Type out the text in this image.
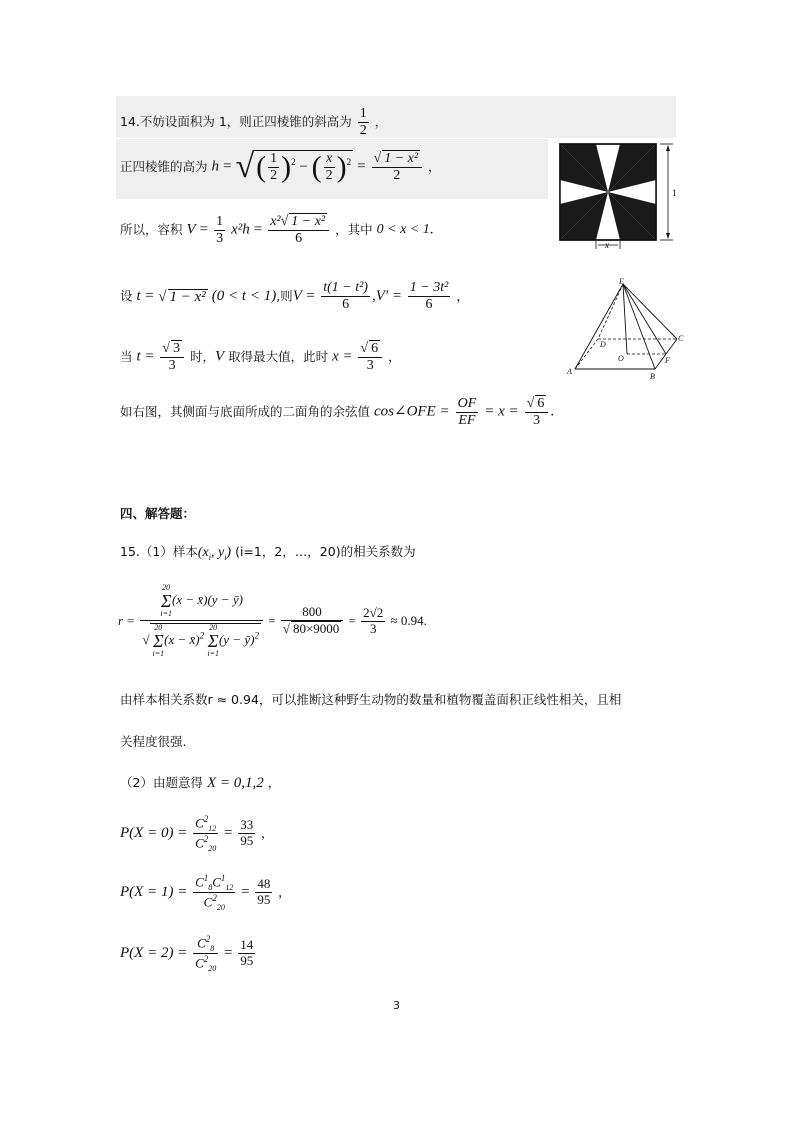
14.不妨设面积为 1，则正四棱锥的斜高为 $\frac{1}{2}$ ，
正四棱锥的高为 h = √( $\frac{1}{2} )^2$ − ( $\frac{x}{2} )^2 = \frac{\text{√ 1 − x²}}{2}$ ，
所以，容积 $V = \frac{1}{3} x^2h = \frac{\text{x²√ 1 − x²}}{6}$ ，其中 0 < x < 1.
设 t = √ 1 − x² (0 < t < 1),则$V = \frac{\text{t(1 − t²)}}{6} ,V' = \frac{\text{1 − 3t²}}{6}$ ，
当 $t = \frac{√ 3}{3}$ 时，V 取得最大值，此时 $x = \frac{√ 6}{3}$ ，
如右图，其侧面与底面所成的二面角的余弦值 cos∠OFE = $\frac{OF}{EF} = x = \frac{√ 6}{3}$ .
1
x
E
C
D
O	F
A
B
四、解答题：
15.（1）样本($x_i$, $y_i$) (i=1，2，…，20)的相关系数为
r = 20
Σ
i=1(x − x̄)(y − ȳ)
√20
Σ
i=1(x − x̄)$^2$ 20
Σ
i=1(y − ȳ)$^2$ = $\frac{800}{√ 80\times 9000} = \frac{2√2}{3} \approx 0.94$.
由样本相关系数r ≈ 0.94，可以推断这种野生动物的数量和植物覆盖面积正线性相关，且相
关程度很强.
（2）由题意得 X = 0,1,2 ，
$P(X = 0) = \frac{C^2_{12}}{C^2_{20}} = \frac{33}{95}$ ，
$P(X = 1) = \frac{C^1_8C^1_{12}}{C^2_{20}} = \frac{48}{95}$ ，
$P(X = 2) = \frac{C^2_8}{C^2_{20}} = \frac{14}{95}$
3
